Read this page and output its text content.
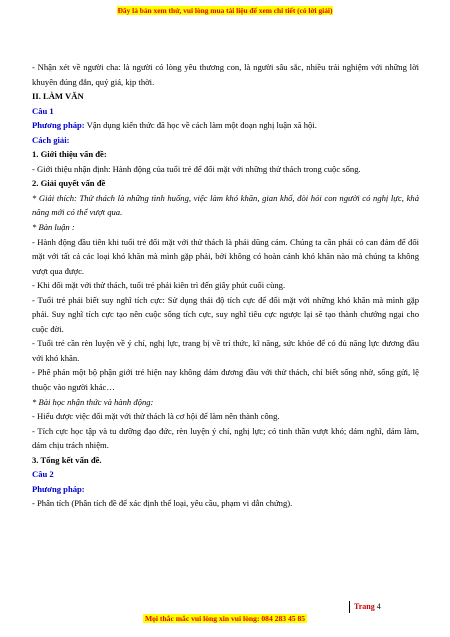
Đây là bản xem thử, vui lòng mua tài liệu để xem chi tiết (có lời giải)

- Nhận xét về người cha: là người có lòng yêu thương con, là người sâu sắc, nhiều trải nghiệm với những lời khuyên đúng đắn, quý giá, kịp thời.

II. LÀM VĂN

Câu 1

Phương pháp: Vận dụng kiến thức đã học về cách làm một đoạn nghị luận xã hội.

Cách giải:

1. Giới thiệu vấn đề:

- Giới thiệu nhận định: Hành động của tuổi trẻ để đối mặt với những thử thách trong cuộc sống.

2. Giải quyết vấn đề

* Giải thích: Thử thách là những tình huống, việc làm khó khăn, gian khổ, đòi hỏi con người có nghị lực, khả năng mới có thể vượt qua.

* Bàn luận :

- Hành động đầu tiên khi tuổi trẻ đối mặt với thử thách là phải dũng cảm. Chúng ta cần phải có can đảm để đối mặt với tất cả các loại khó khăn mà mình gặp phải, bởi không có hoàn cảnh khó khăn nào mà chúng ta không vượt qua được.

- Khi đối mặt với thử thách, tuổi trẻ phải kiên trì đến giây phút cuối cùng.

- Tuổi trẻ phải biết suy nghĩ tích cực: Sử dụng thái độ tích cực để đối mặt với những khó khăn mà mình gặp phải. Suy nghĩ tích cực tạo nên cuộc sống tích cực, suy nghĩ tiêu cực ngược lại sẽ tạo thành chướng ngại cho cuộc đời.

- Tuổi trẻ cần rèn luyện về ý chí, nghị lực, trang bị về trí thức, kĩ năng, sức khỏe để có đủ năng lực đương đầu với khó khăn.

- Phê phán một bộ phận giới trẻ hiện nay không dám đương đầu với thử thách, chỉ biết sống nhờ, sống gửi, lệ thuộc vào người khác…

* Bài học nhận thức và hành động:

- Hiểu được việc đối mặt với thử thách là cơ hội để làm nên thành công.

- Tích cực học tập và tu dưỡng đạo đức, rèn luyện ý chí, nghị lực; có tinh thần vượt khó; dám nghĩ, dám làm, dám chịu trách nhiệm.

3. Tổng kết vấn đề.

Câu 2

Phương pháp:

- Phân tích (Phân tích đề để xác định thể loại, yêu cầu, phạm vi dẫn chứng).

Trang 4
Mọi thắc mắc vui lòng xin vui lòng: 084 283 45 85
